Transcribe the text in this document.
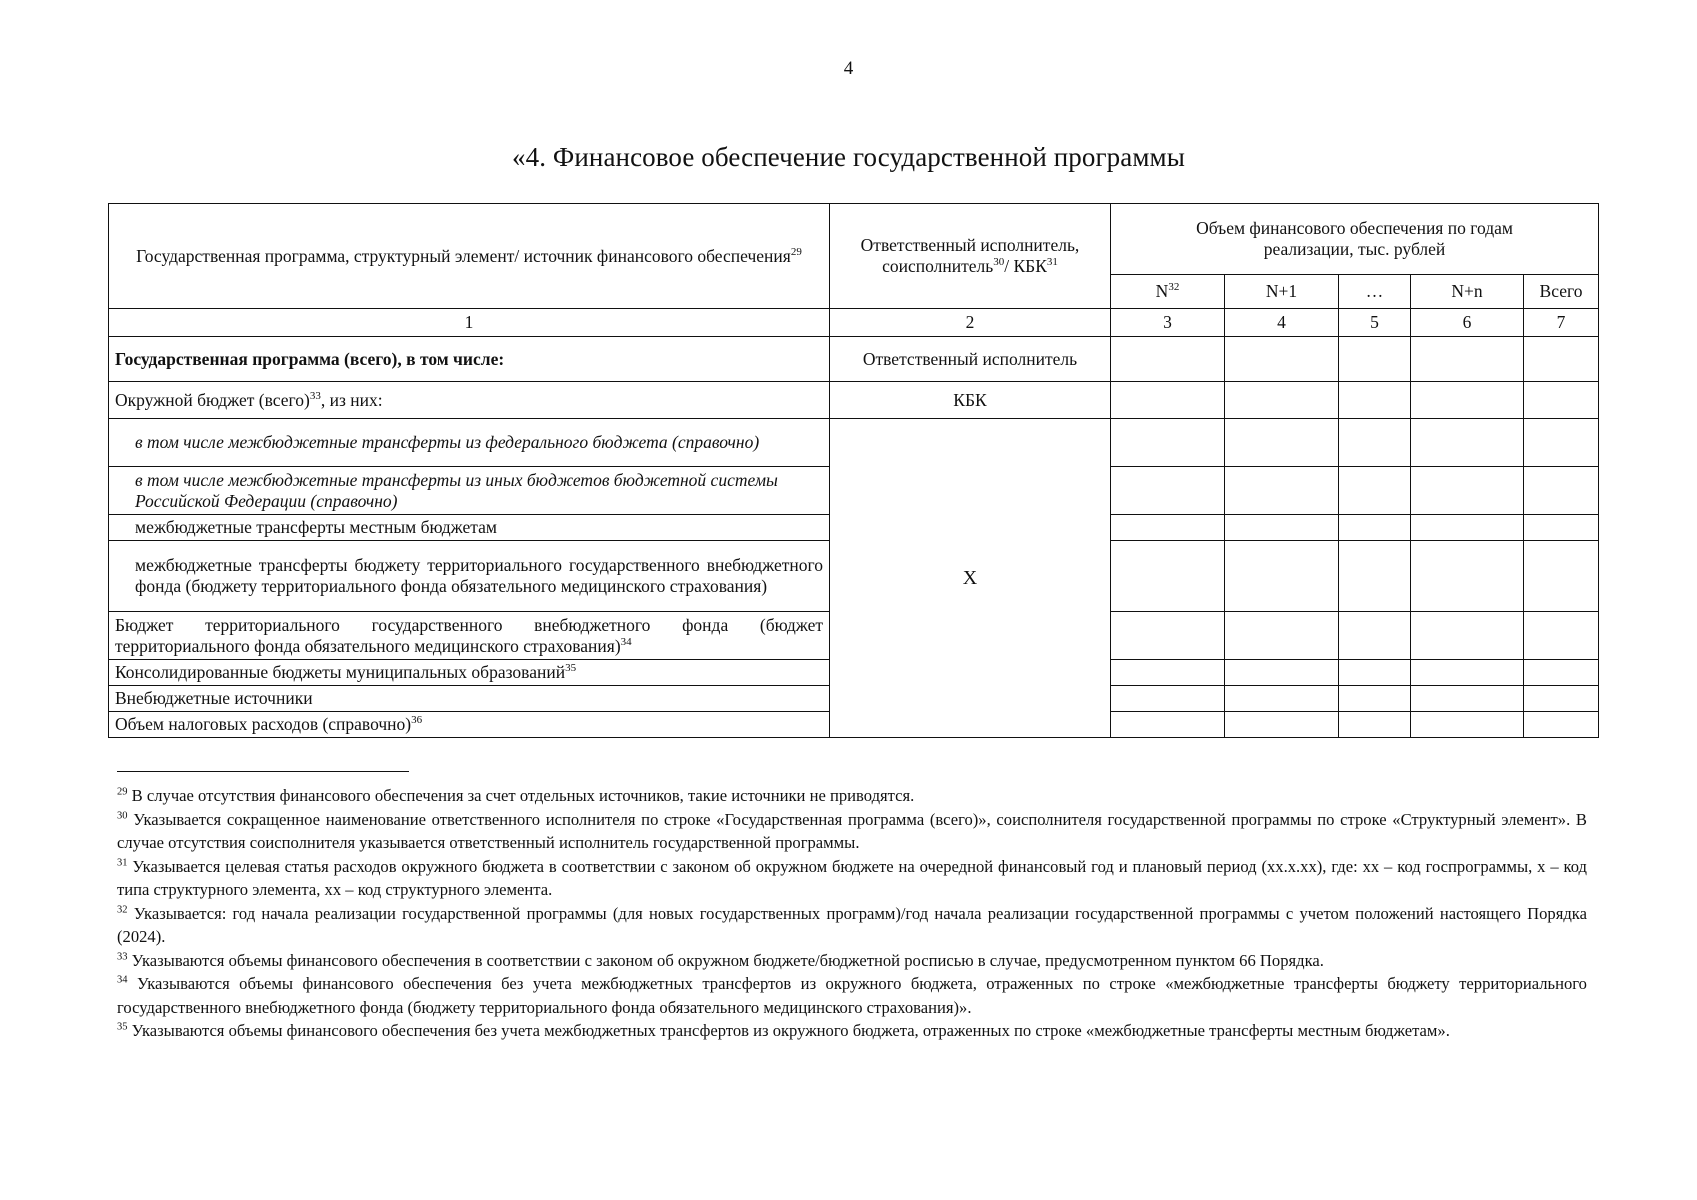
4
«4. Финансовое обеспечение государственной программы
Государственная программа, структурный элемент/ источник финансового обеспечения$^{29}$	Ответственный исполнитель, соисполнитель$^{30}$/ КБК$^{31}$	Объем финансового обеспечения по годам реализации, тыс. рублей				
		$N^{32}$	N+1	…	N+n	Всего
1	2	3	4	5	6	7
Государственная программа (всего), в том числе:	Ответственный исполнитель					
Окружной бюджет (всего)$^{33}$, из них:	КБК					
в том числе межбюджетные трансферты из федерального бюджета (справочно)	Х					
в том числе межбюджетные трансферты из иных бюджетов бюджетной системы Российской Федерации (справочно)						
межбюджетные трансферты местным бюджетам						
межбюджетные трансферты бюджету территориального государственного внебюджетного фонда (бюджету территориального фонда обязательного медицинского страхования)						
Бюджет территориального государственного внебюджетного фонда (бюджет территориального фонда обязательного медицинского страхования)$^{34}$					
Консолидированные бюджеты муниципальных образований$^{35}$					
Внебюджетные источники						
Объем налоговых расходов (справочно)$^{36}$					

$^{29}$ В случае отсутствия финансового обеспечения за счет отдельных источников, такие источники не приводятся.

$^{30}$ Указывается сокращенное наименование ответственного исполнителя по строке «Государственная программа (всего)», соисполнителя государственной программы по строке «Структурный элемент». В случае отсутствия соисполнителя указывается ответственный исполнитель государственной программы.

$^{31}$ Указывается целевая статья расходов окружного бюджета в соответствии с законом об окружном бюджете на очередной финансовый год и плановый период (хх.х.хх), где: хх – код госпрограммы, х – код типа структурного элемента, хх – код структурного элемента.

$^{32}$ Указывается: год начала реализации государственной программы (для новых государственных программ)/год начала реализации государственной программы с учетом положений настоящего Порядка (2024).

$^{33}$ Указываются объемы финансового обеспечения в соответствии с законом об окружном бюджете/бюджетной росписью в случае, предусмотренном пунктом 66 Порядка.

$^{34}$ Указываются объемы финансового обеспечения без учета межбюджетных трансфертов из окружного бюджета, отраженных по строке «межбюджетные трансферты бюджету территориального государственного внебюджетного фонда (бюджету территориального фонда обязательного медицинского страхования)».

$^{35}$ Указываются объемы финансового обеспечения без учета межбюджетных трансфертов из окружного бюджета, отраженных по строке «межбюджетные трансферты местным бюджетам».
